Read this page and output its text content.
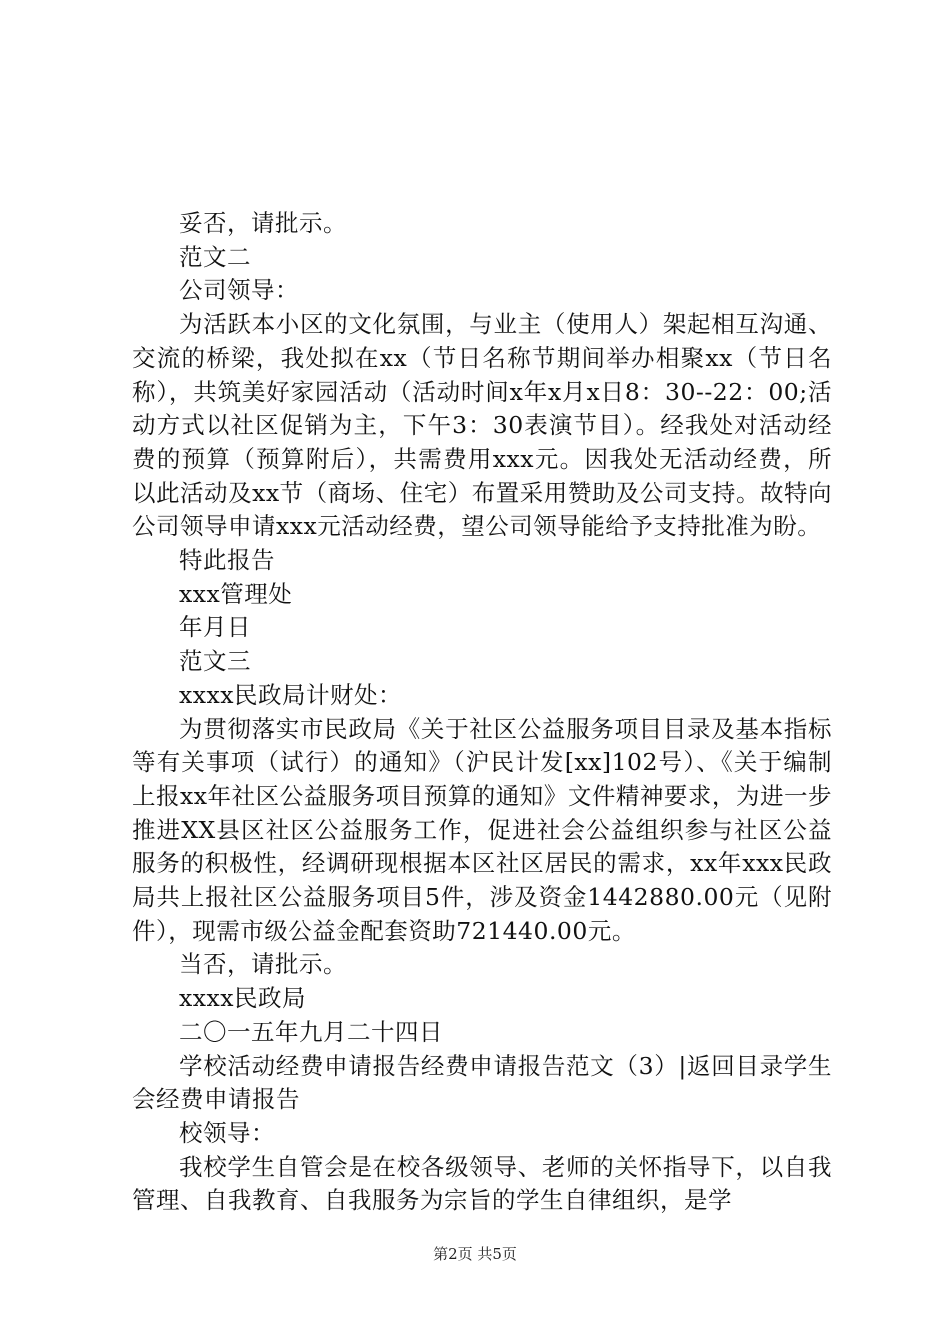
妥否，请批示。

范文二

公司领导：

为活跃本小区的文化氛围，与业主（使用人）架起相互沟通、交流的桥梁，我处拟在xx（节日名称节期间举办相聚xx（节日名称），共筑美好家园活动（活动时间x年x月x日8：30--22：00;活动方式以社区促销为主，下午3：30表演节目）。经我处对活动经费的预算（预算附后），共需费用xxx元。因我处无活动经费，所以此活动及xx节（商场、住宅）布置采用赞助及公司支持。故特向公司领导申请xxx元活动经费，望公司领导能给予支持批准为盼。

特此报告

xxx管理处

年月日

范文三

xxxx民政局计财处：

为贯彻落实市民政局《关于社区公益服务项目目录及基本指标等有关事项（试行）的通知》（沪民计发[xx]102号）、《关于编制上报xx年社区公益服务项目预算的通知》文件精神要求，为进一步推进XX县区社区公益服务工作，促进社会公益组织参与社区公益服务的积极性，经调研现根据本区社区居民的需求，xx年xxx民政局共上报社区公益服务项目5件，涉及资金1442880.00元（见附件），现需市级公益金配套资助721440.00元。

当否，请批示。

xxxx民政局

二〇一五年九月二十四日

学校活动经费申请报告经费申请报告范文（3）|返回目录学生会经费申请报告

校领导：

我校学生自管会是在校各级领导、老师的关怀指导下，以自我管理、自我教育、自我服务为宗旨的学生自律组织，是学

第2页 共5页
